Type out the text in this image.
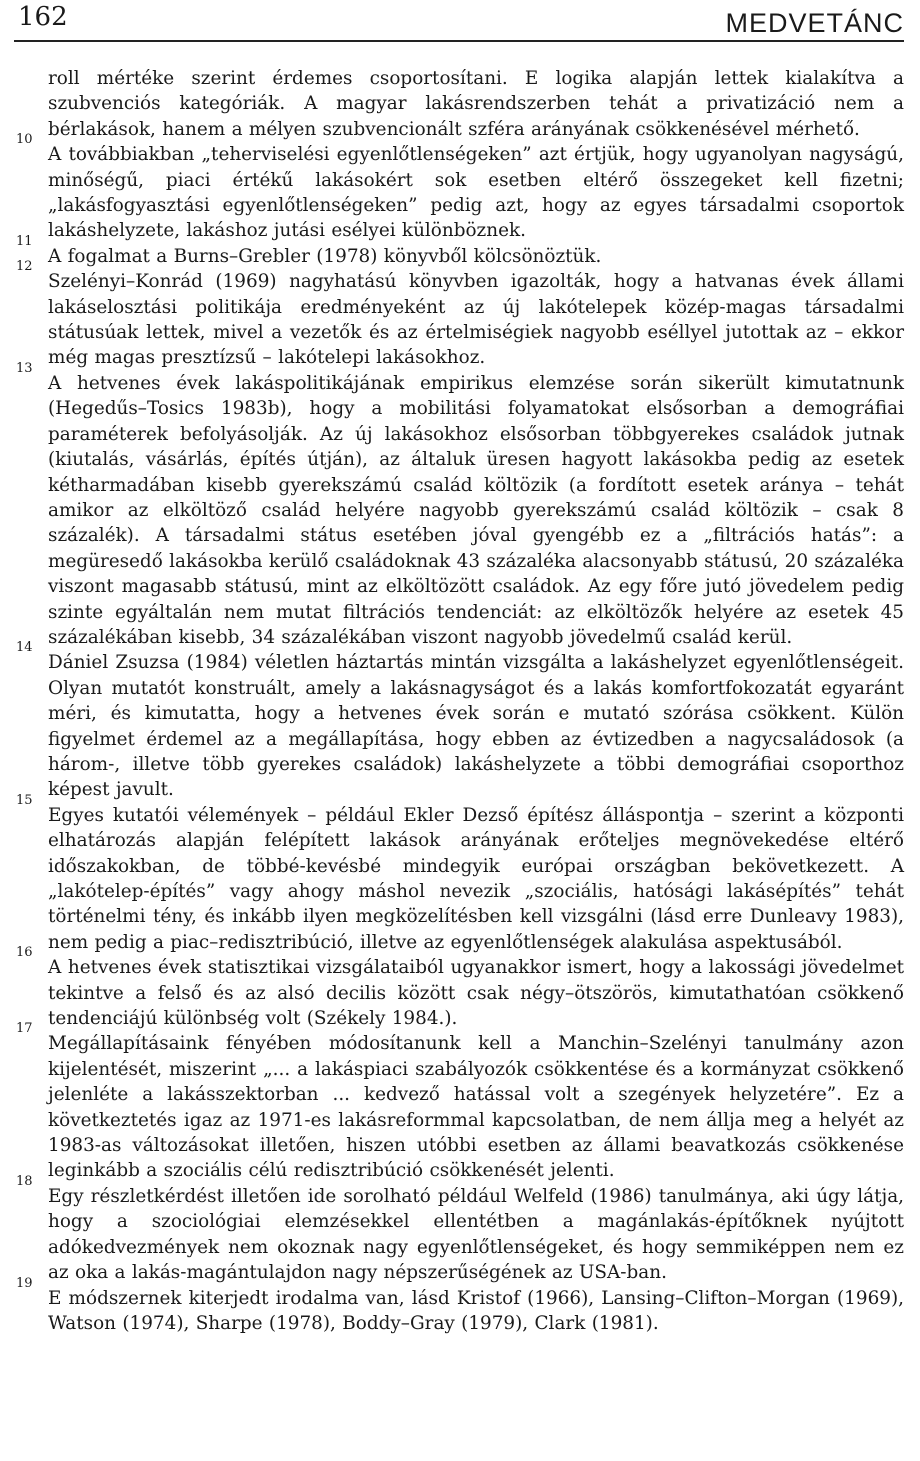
162	MEDVETÁNC

roll mértéke szerint érdemes csoportosítani. E logika alapján lettek kialakítva a szubvenciós kategóriák. A magyar lakásrendszerben tehát a privatizáció nem a bérlakások, hanem a mélyen szubvencionált szféra arányának csökkenésével mérhető.

10

A továbbiakban „teherviselési egyenlőtlenségeken” azt értjük, hogy ugyanolyan nagyságú, minőségű, piaci értékű lakásokért sok esetben eltérő összegeket kell fizetni; „lakásfogyasztási egyenlőtlenségeken” pedig azt, hogy az egyes társadalmi csoportok lakáshelyzete, lakáshoz jutási esélyei különböznek.

11

A fogalmat a Burns–Grebler (1978) könyvből kölcsönöztük.

12

Szelényi–Konrád (1969) nagyhatású könyvben igazolták, hogy a hatvanas évek állami lakáselosztási politikája eredményeként az új lakótelepek közép-magas társadalmi státusúak lettek, mivel a vezetők és az értelmiségiek nagyobb eséllyel jutottak az – ekkor még magas presztízsű – lakótelepi lakásokhoz.

13

A hetvenes évek lakáspolitikájának empirikus elemzése során sikerült kimutatnunk (Hegedűs–Tosics 1983b), hogy a mobilitási folyamatokat elsősorban a demográfiai paraméterek befolyásolják. Az új lakásokhoz elsősorban többgyerekes családok jutnak (kiutalás, vásárlás, építés útján), az általuk üresen hagyott lakásokba pedig az esetek kétharmadában kisebb gyerekszámú család költözik (a fordított esetek aránya – tehát amikor az elköltöző család helyére nagyobb gyerekszámú család költözik – csak 8 százalék). A társadalmi státus esetében jóval gyengébb ez a „filtrációs hatás”: a megüresedő lakásokba kerülő családoknak 43 százaléka alacsonyabb státusú, 20 százaléka viszont magasabb státusú, mint az elköltözött családok. Az egy főre jutó jövedelem pedig szinte egyáltalán nem mutat filtrációs tendenciát: az elköltözők helyére az esetek 45 százalékában kisebb, 34 százalékában viszont nagyobb jövedelmű család kerül.

14

Dániel Zsuzsa (1984) véletlen háztartás mintán vizsgálta a lakáshelyzet egyenlőtlenségeit. Olyan mutatót konstruált, amely a lakásnagyságot és a lakás komfortfokozatát egyaránt méri, és kimutatta, hogy a hetvenes évek során e mutató szórása csökkent. Külön figyelmet érdemel az a megállapítása, hogy ebben az évtizedben a nagycsaládosok (a három-, illetve több gyerekes családok) lakáshelyzete a többi demográfiai csoporthoz képest javult.

15

Egyes kutatói vélemények – például Ekler Dezső építész álláspontja – szerint a központi elhatározás alapján felépített lakások arányának erőteljes megnövekedése eltérő időszakokban, de többé-kevésbé mindegyik európai országban bekövetkezett. A „lakótelep-építés” vagy ahogy máshol nevezik „szociális, hatósági lakásépítés” tehát történelmi tény, és inkább ilyen megközelítésben kell vizsgálni (lásd erre Dunleavy 1983), nem pedig a piac–redisztribúció, illetve az egyenlőtlenségek alakulása aspektusából.

16

A hetvenes évek statisztikai vizsgálataiból ugyanakkor ismert, hogy a lakossági jövedelmet tekintve a felső és az alsó decilis között csak négy–ötszörös, kimutathatóan csökkenő tendenciájú különbség volt (Székely 1984.).

17

Megállapításaink fényében módosítanunk kell a Manchin–Szelényi tanulmány azon kijelentését, miszerint „... a lakáspiaci szabályozók csökkentése és a kormányzat csökkenő jelenléte a lakásszektorban ... kedvező hatással volt a szegények helyzetére”. Ez a következtetés igaz az 1971-es lakásreformmal kapcsolatban, de nem állja meg a helyét az 1983-as változásokat illetően, hiszen utóbbi esetben az állami beavatkozás csökkenése leginkább a szociális célú redisztribúció csökkenését jelenti.

18

Egy részletkérdést illetően ide sorolható például Welfeld (1986) tanulmánya, aki úgy látja, hogy a szociológiai elemzésekkel ellentétben a magánlakás-építőknek nyújtott adókedvezmények nem okoznak nagy egyenlőtlenségeket, és hogy semmiképpen nem ez az oka a lakás-magántulajdon nagy népszerűségének az USA-ban.

19

E módszernek kiterjedt irodalma van, lásd Kristof (1966), Lansing–Clifton–Morgan (1969), Watson (1974), Sharpe (1978), Boddy–Gray (1979), Clark (1981).
